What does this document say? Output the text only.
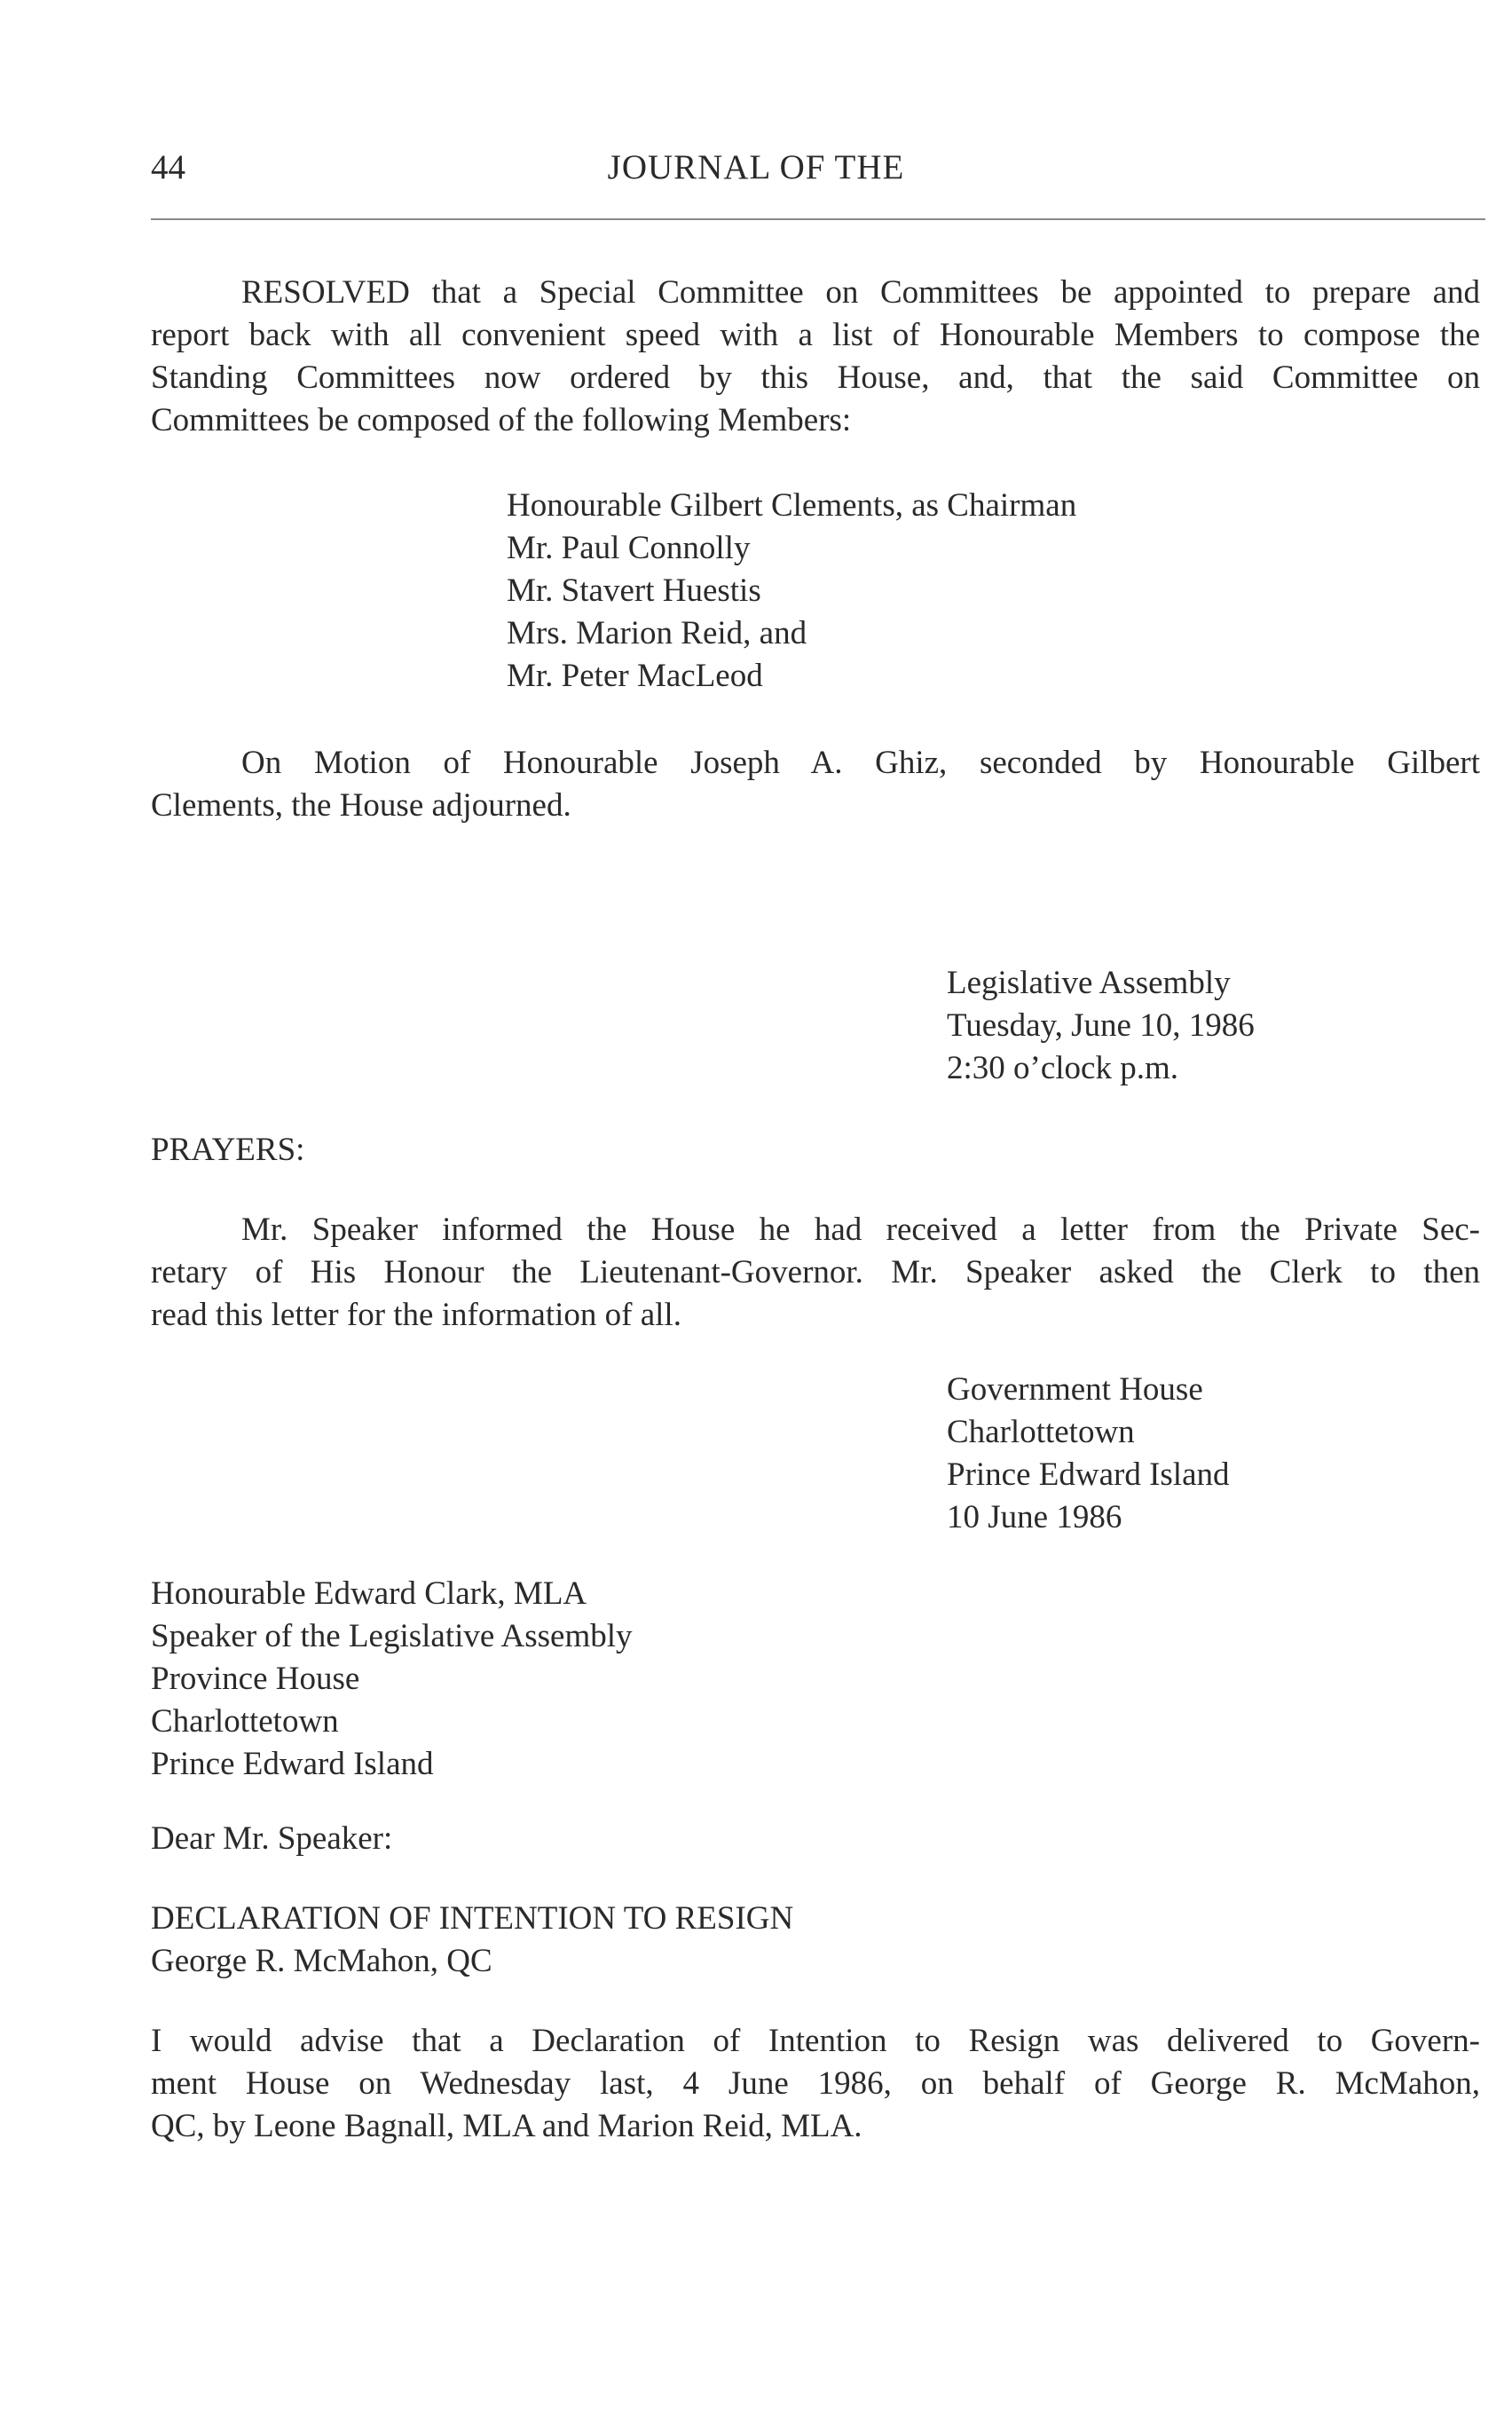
44	JOURNAL OF THE
RESOLVED that a Special Committee on Committees be appointed to prepare and
report back with all convenient speed with a list of Honourable Members to compose the
Standing Committees now ordered by this House, and, that the said Committee on
Committees be composed of the following Members:
Honourable Gilbert Clements, as Chairman
Mr. Paul Connolly
Mr. Stavert Huestis
Mrs. Marion Reid, and
Mr. Peter MacLeod
On Motion of Honourable Joseph A. Ghiz, seconded by Honourable Gilbert
Clements, the House adjourned.
Legislative Assembly
Tuesday, June 10, 1986
2:30 o’clock p.m.
PRAYERS:
Mr. Speaker informed the House he had received a letter from the Private Sec-
retary of His Honour the Lieutenant-Governor. Mr. Speaker asked the Clerk to then
read this letter for the information of all.
Government House
Charlottetown
Prince Edward Island
10 June 1986
Honourable Edward Clark, MLA
Speaker of the Legislative Assembly
Province House
Charlottetown
Prince Edward Island
Dear Mr. Speaker:
DECLARATION OF INTENTION TO RESIGN
George R. McMahon, QC
I would advise that a Declaration of Intention to Resign was delivered to Govern-
ment House on Wednesday last, 4 June 1986, on behalf of George R. McMahon,
QC, by Leone Bagnall, MLA and Marion Reid, MLA.
